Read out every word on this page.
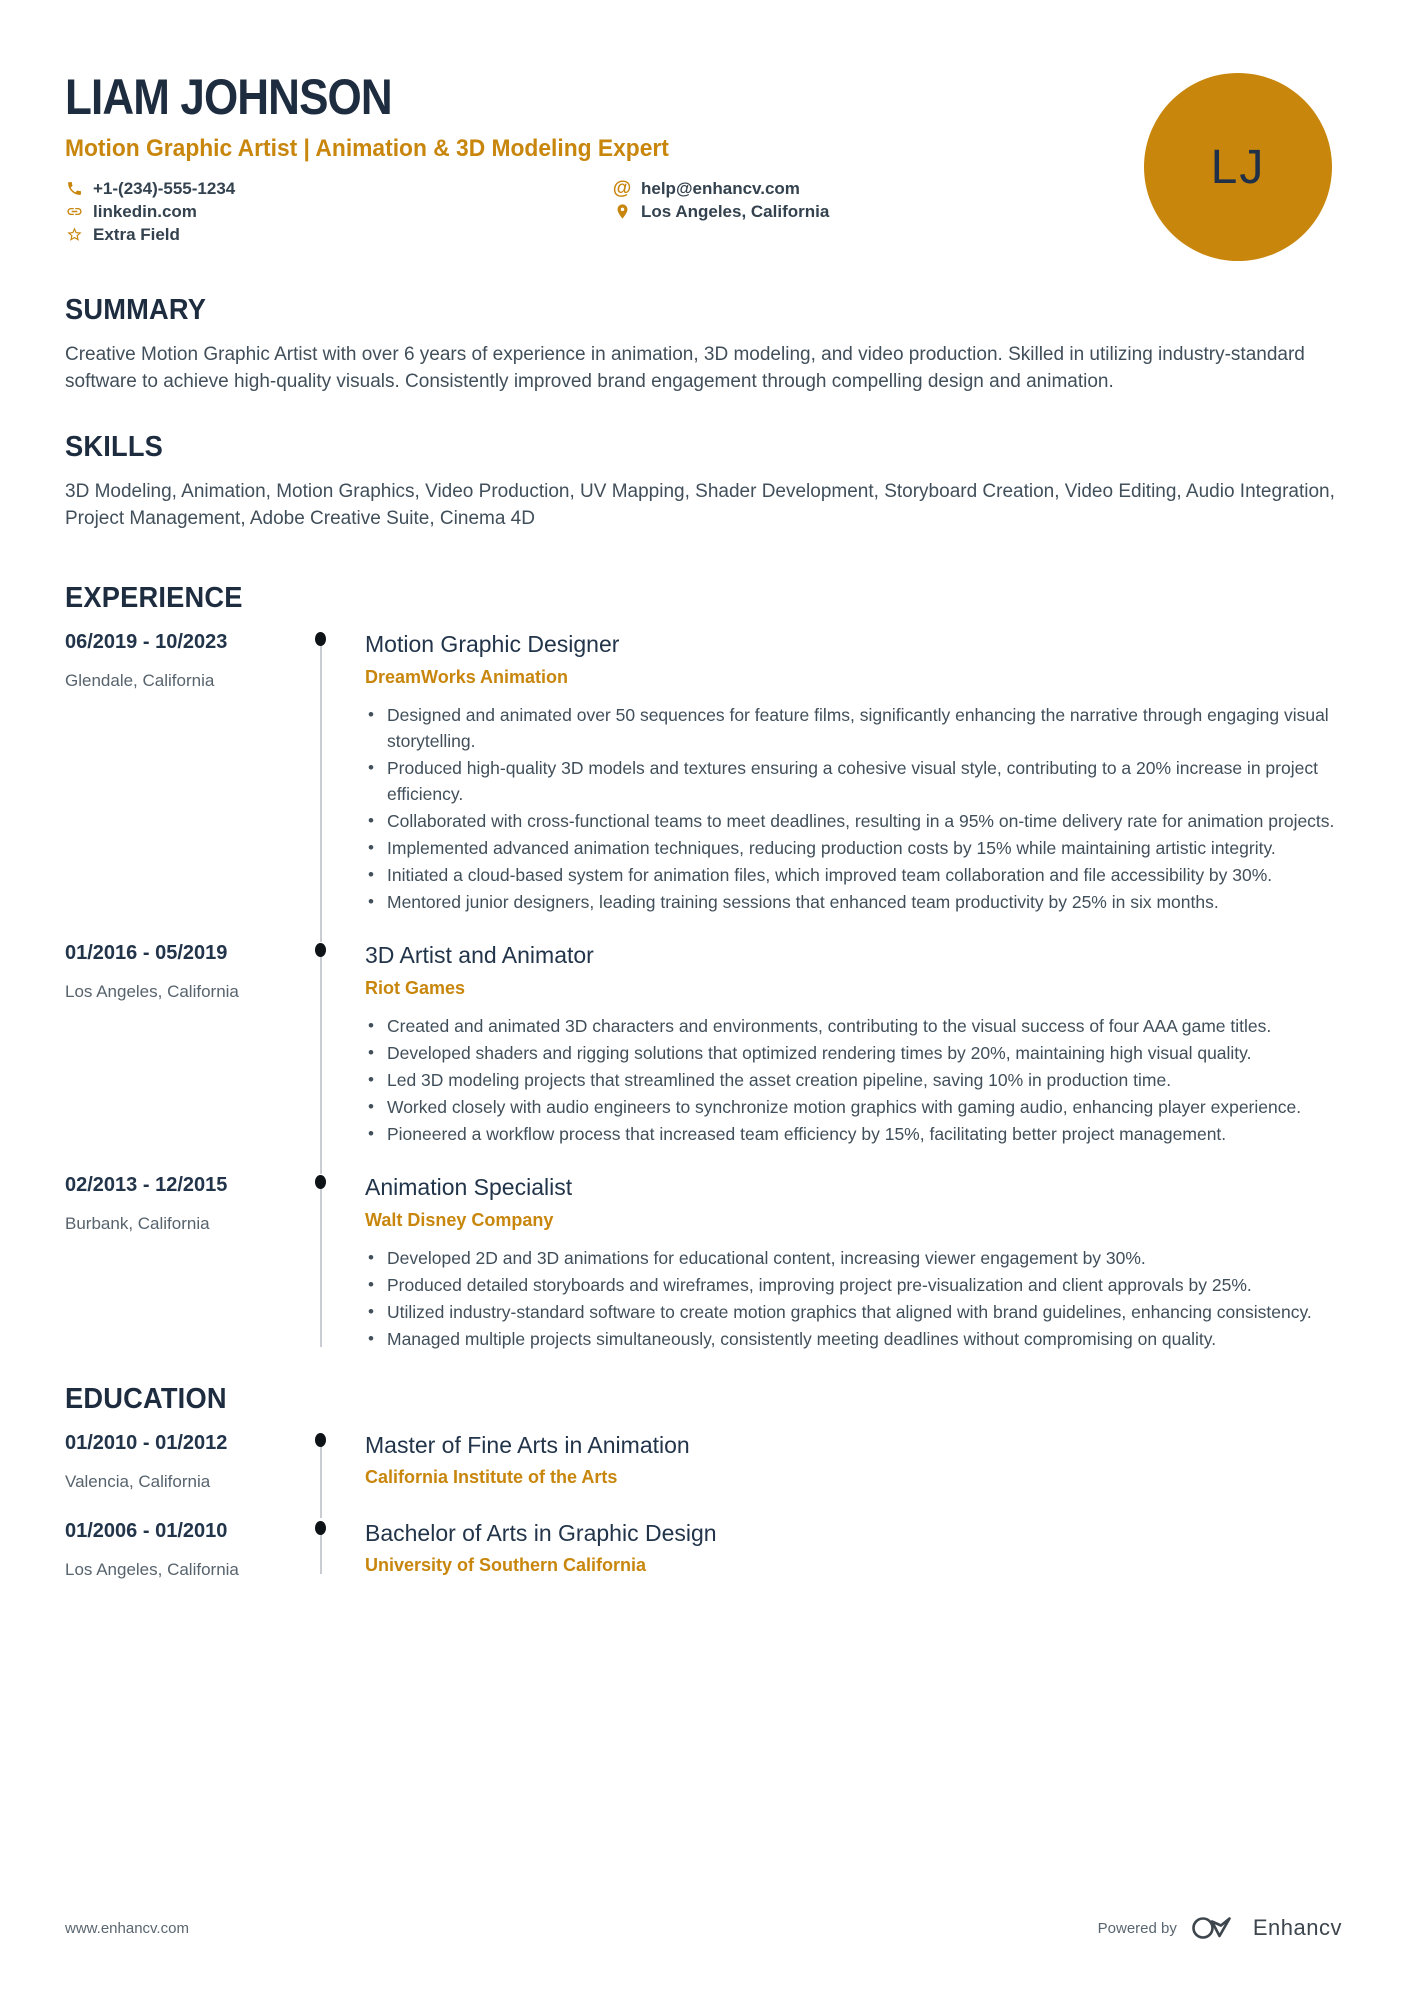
LIAM JOHNSON
Motion Graphic Artist | Animation & 3D Modeling Expert
+1-(234)-555-1234	@ help@enhancv.com
linkedin.com	Los Angeles, California
Extra Field
LJ
SUMMARY

Creative Motion Graphic Artist with over 6 years of experience in animation, 3D modeling, and video production. Skilled in utilizing industry-standard software to achieve high-quality visuals. Consistently improved brand engagement through compelling design and animation.

SKILLS

3D Modeling, Animation, Motion Graphics, Video Production, UV Mapping, Shader Development, Storyboard Creation, Video Editing, Audio Integration, Project Management, Adobe Creative Suite, Cinema 4D

EXPERIENCE
06/2019 - 10/2023
Glendale, California
Motion Graphic Designer
DreamWorks Animation
• Designed and animated over 50 sequences for feature films, significantly enhancing the narrative through engaging visual storytelling.
• Produced high-quality 3D models and textures ensuring a cohesive visual style, contributing to a 20% increase in project efficiency.
• Collaborated with cross-functional teams to meet deadlines, resulting in a 95% on-time delivery rate for animation projects.
• Implemented advanced animation techniques, reducing production costs by 15% while maintaining artistic integrity.
• Initiated a cloud-based system for animation files, which improved team collaboration and file accessibility by 30%.
• Mentored junior designers, leading training sessions that enhanced team productivity by 25% in six months.
01/2016 - 05/2019
Los Angeles, California
3D Artist and Animator
Riot Games
• Created and animated 3D characters and environments, contributing to the visual success of four AAA game titles.
• Developed shaders and rigging solutions that optimized rendering times by 20%, maintaining high visual quality.
• Led 3D modeling projects that streamlined the asset creation pipeline, saving 10% in production time.
• Worked closely with audio engineers to synchronize motion graphics with gaming audio, enhancing player experience.
• Pioneered a workflow process that increased team efficiency by 15%, facilitating better project management.
02/2013 - 12/2015
Burbank, California
Animation Specialist
Walt Disney Company
• Developed 2D and 3D animations for educational content, increasing viewer engagement by 30%.
• Produced detailed storyboards and wireframes, improving project pre-visualization and client approvals by 25%.
• Utilized industry-standard software to create motion graphics that aligned with brand guidelines, enhancing consistency.
• Managed multiple projects simultaneously, consistently meeting deadlines without compromising on quality.
EDUCATION
01/2010 - 01/2012
Valencia, California
Master of Fine Arts in Animation
California Institute of the Arts
01/2006 - 01/2010
Los Angeles, California
Bachelor of Arts in Graphic Design
University of Southern California
www.enhancv.com	Powered by	Enhancv
